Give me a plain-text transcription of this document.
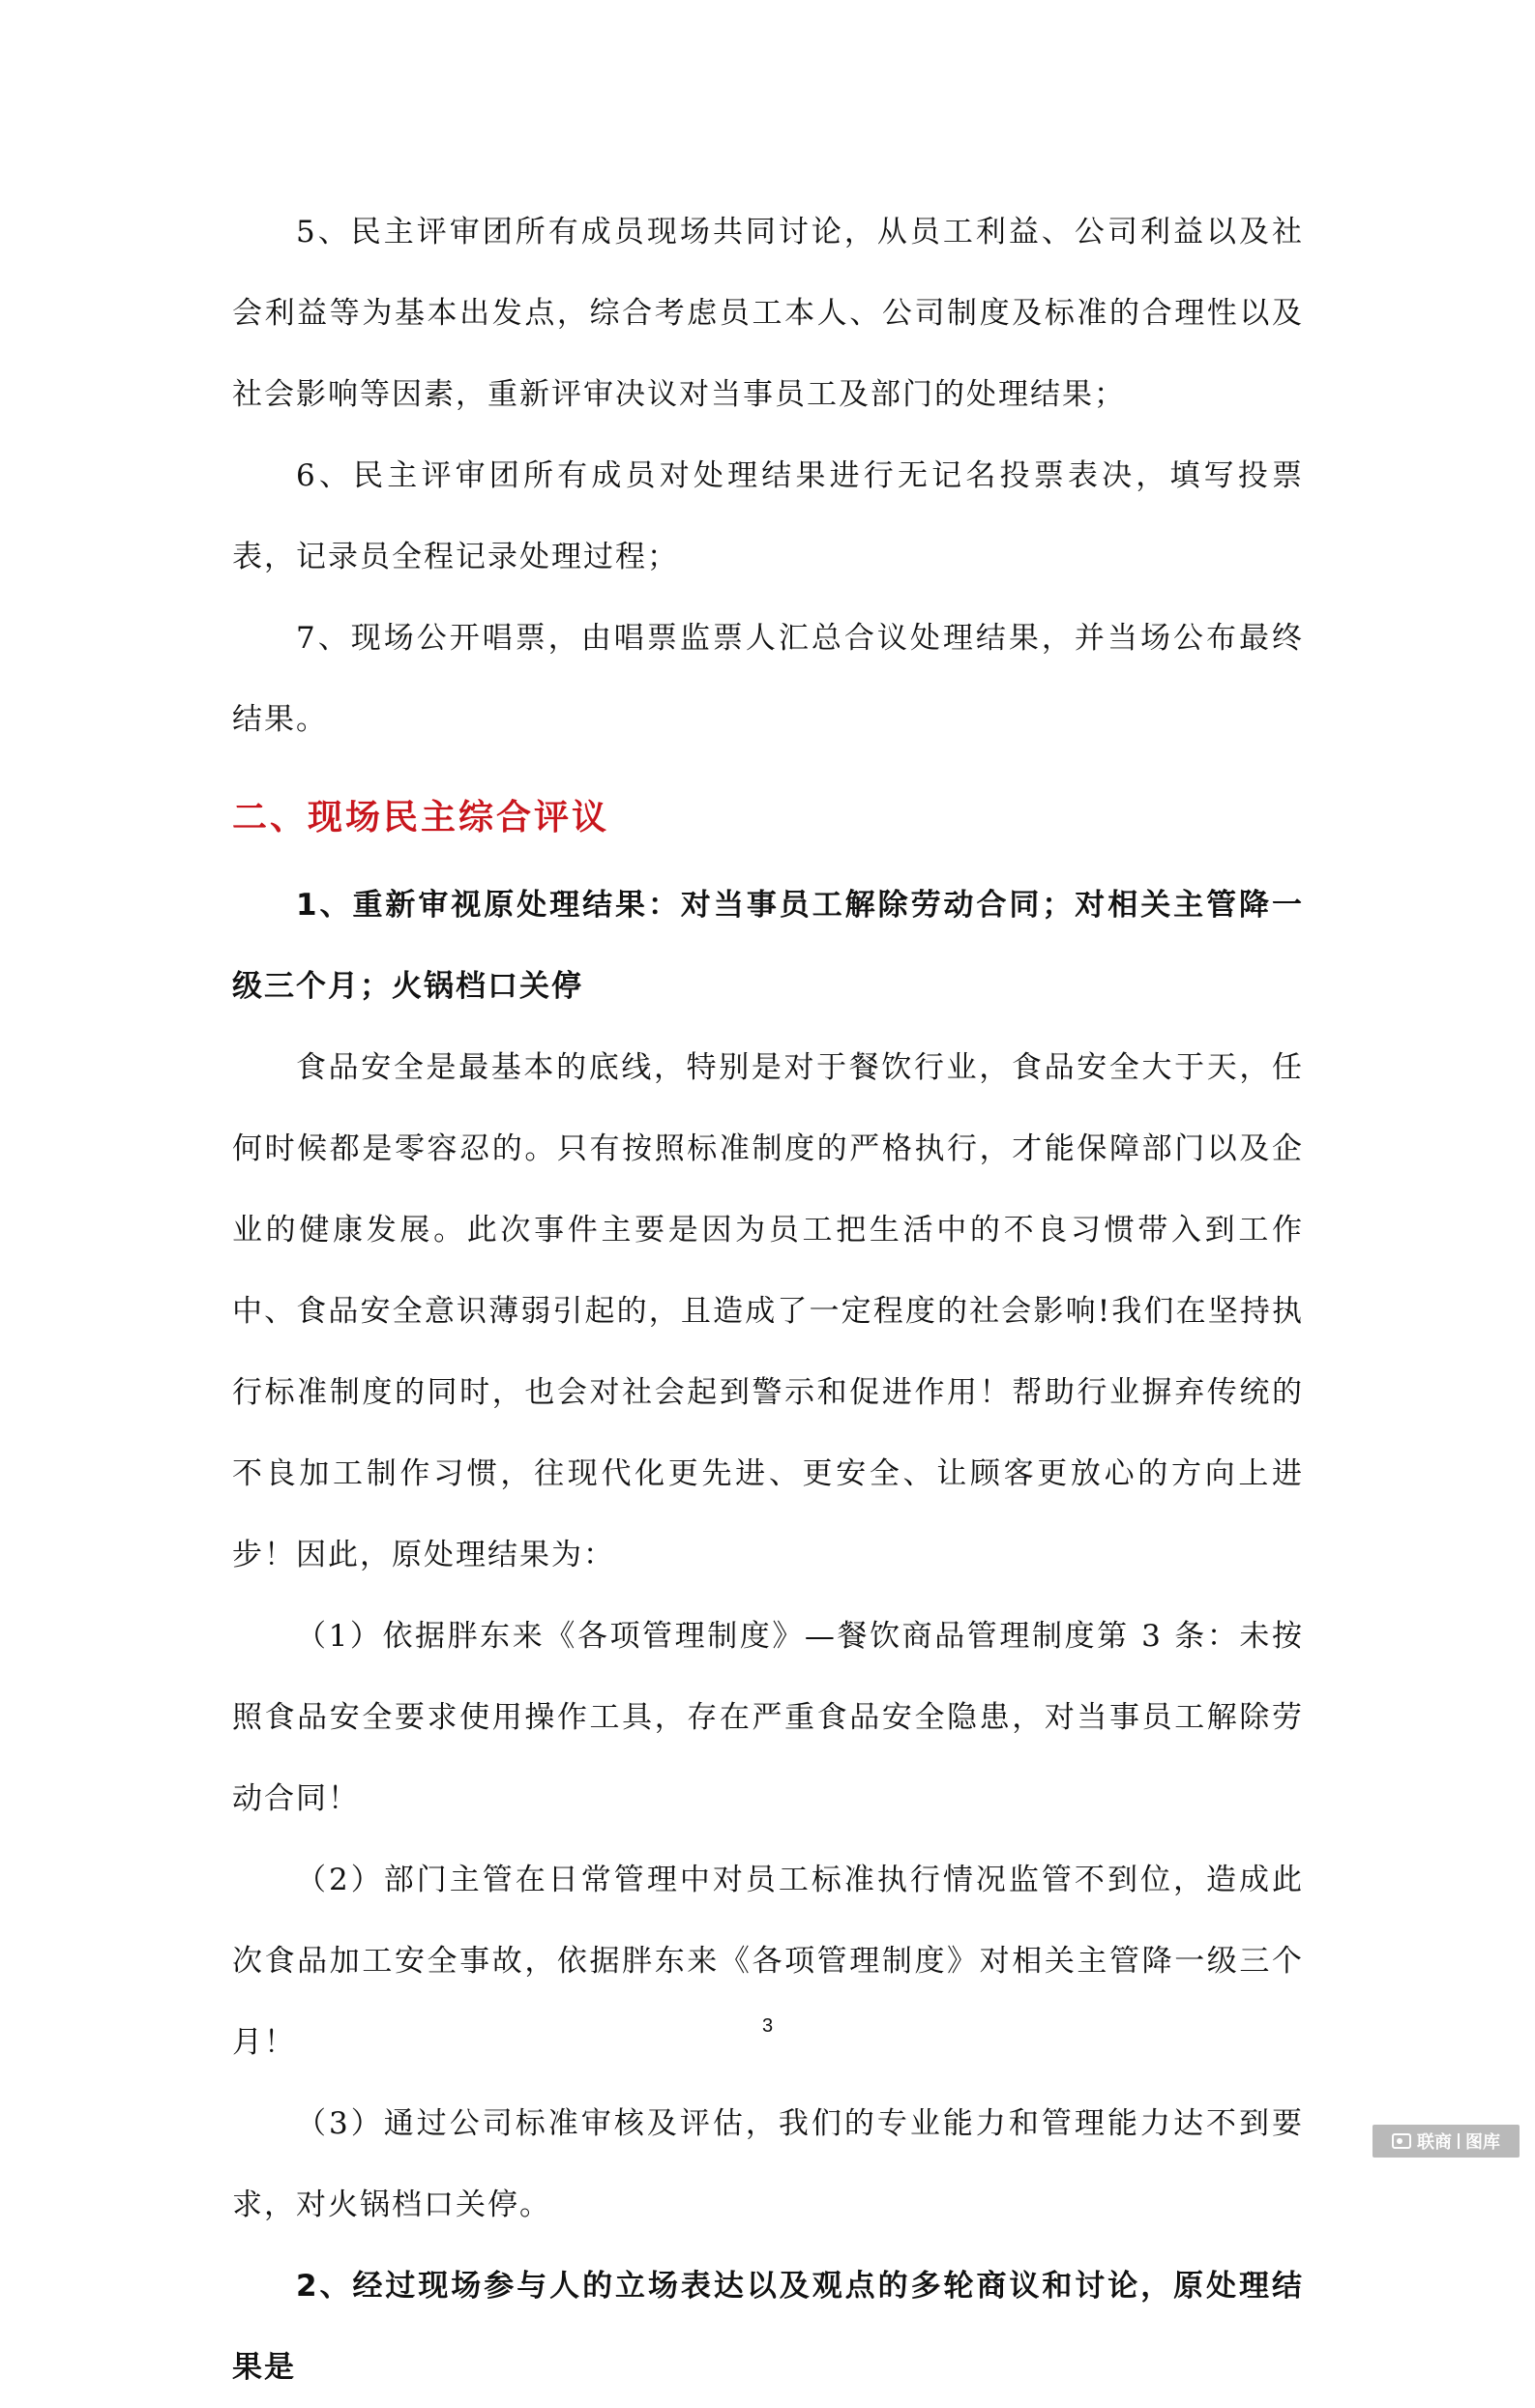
5、民主评审团所有成员现场共同讨论，从员工利益、公司利益以及社会利益等为基本出发点，综合考虑员工本人、公司制度及标准的合理性以及社会影响等因素，重新评审决议对当事员工及部门的处理结果；

6、民主评审团所有成员对处理结果进行无记名投票表决，填写投票表，记录员全程记录处理过程；

7、现场公开唱票，由唱票监票人汇总合议处理结果，并当场公布最终结果。

二、现场民主综合评议

1、重新审视原处理结果：对当事员工解除劳动合同；对相关主管降一级三个月；火锅档口关停

食品安全是最基本的底线，特别是对于餐饮行业，食品安全大于天，任何时候都是零容忍的。只有按照标准制度的严格执行，才能保障部门以及企业的健康发展。此次事件主要是因为员工把生活中的不良习惯带入到工作中、食品安全意识薄弱引起的，且造成了一定程度的社会影响!我们在坚持执行标准制度的同时，也会对社会起到警示和促进作用！帮助行业摒弃传统的不良加工制作习惯，往现代化更先进、更安全、让顾客更放心的方向上进步！因此，原处理结果为：

（1）依据胖东来《各项管理制度》—餐饮商品管理制度第 3 条：未按照食品安全要求使用操作工具，存在严重食品安全隐患，对当事员工解除劳动合同！

（2）部门主管在日常管理中对员工标准执行情况监管不到位，造成此次食品加工安全事故，依据胖东来《各项管理制度》对相关主管降一级三个月！

（3）通过公司标准审核及评估，我们的专业能力和管理能力达不到要求，对火锅档口关停。

2、经过现场参与人的立场表达以及观点的多轮商议和讨论，原处理结果是

3
联商 图库
